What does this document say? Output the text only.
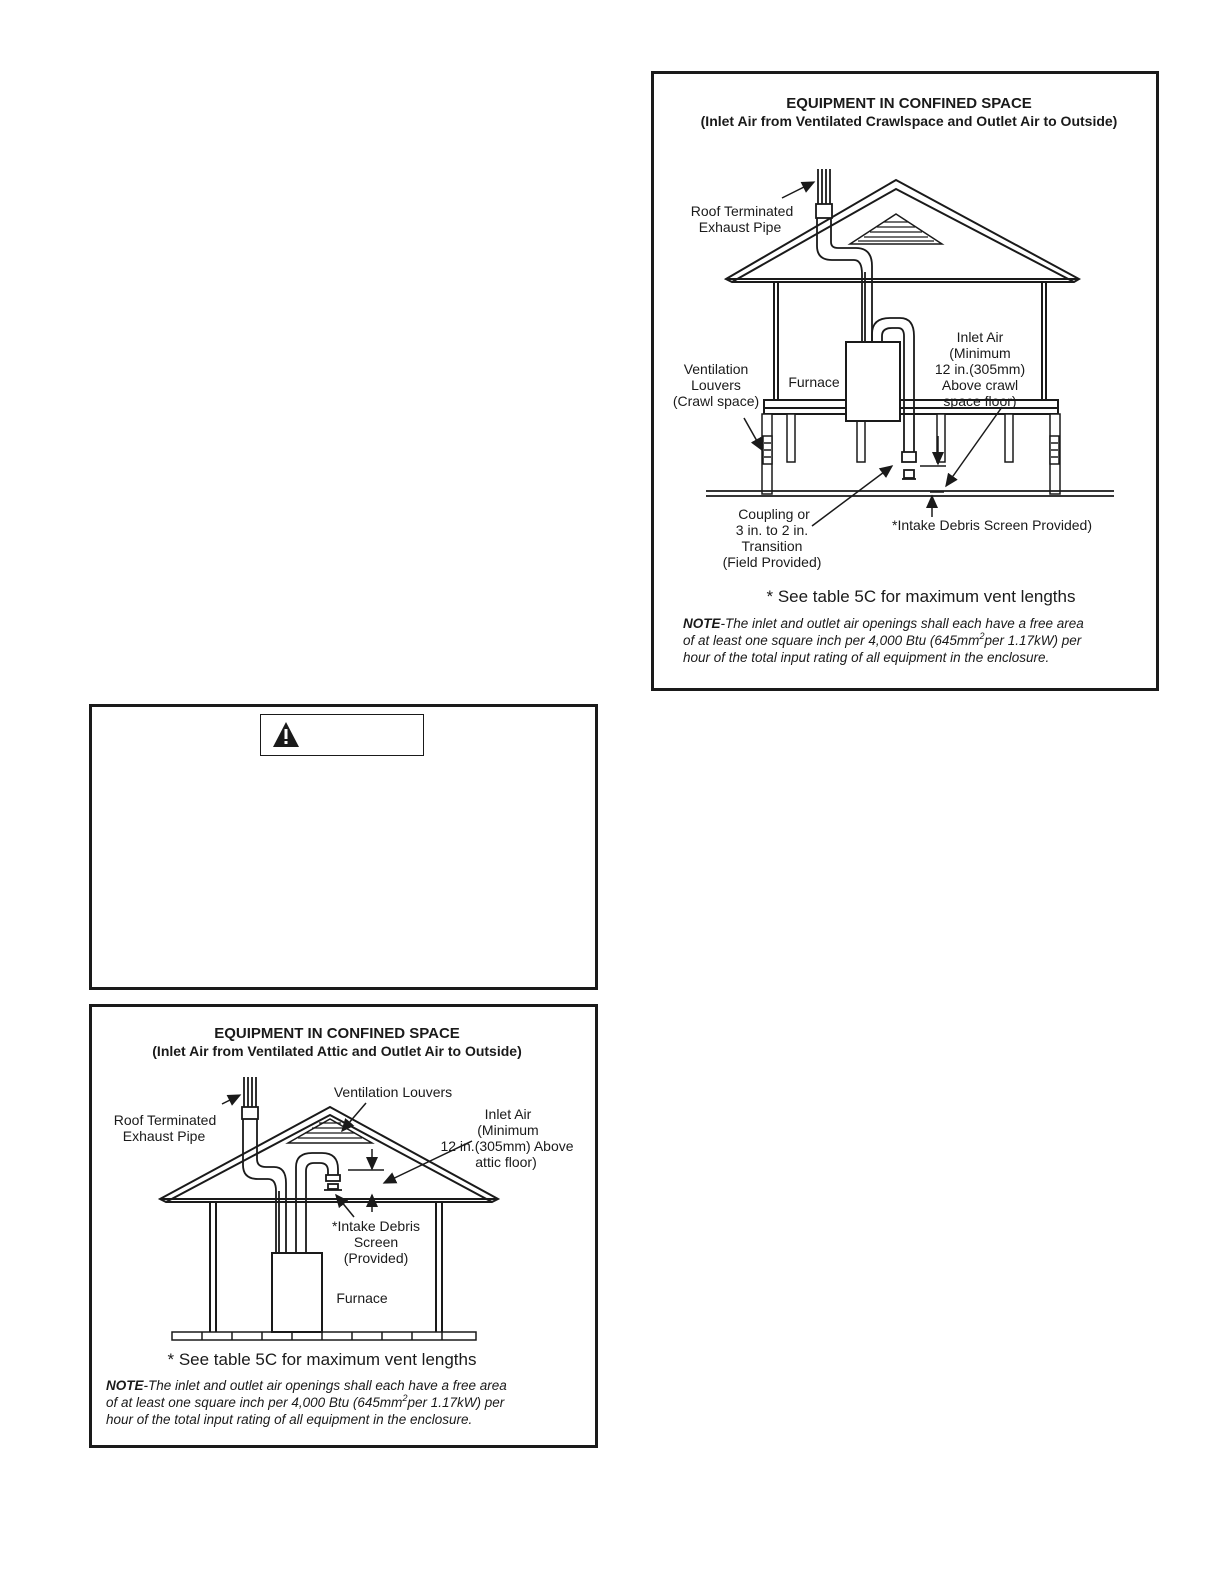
EQUIPMENT IN CONFINED SPACE
(Inlet Air from Ventilated Crawlspace and Outlet Air to Outside)
Roof Terminated
Exhaust Pipe
Inlet Air
(Minimum
12 in.(305mm)
Above crawl
space floor)
Ventilation
Louvers
(Crawl space)
Furnace
Coupling or
3 in. to 2 in.
Transition
(Field Provided)
*Intake Debris Screen Provided)
* See table 5C for maximum vent lengths
NOTE-The inlet and outlet air openings shall each have a free area
of at least one square inch per 4,000 Btu ($645mm^2per$ 1.17kW) per
hour of the total input rating of all equipment in the enclosure.
EQUIPMENT IN CONFINED SPACE
(Inlet Air from Ventilated Attic and Outlet Air to Outside)
Roof Terminated
Exhaust Pipe
Ventilation Louvers
Inlet Air
(Minimum
12 in.(305mm) Above
attic floor)
*Intake Debris
Screen
(Provided)
Furnace
* See table 5C for maximum vent lengths
NOTE-The inlet and outlet air openings shall each have a free area
of at least one square inch per 4,000 Btu ($645mm^2per$ 1.17kW) per
hour of the total input rating of all equipment in the enclosure.
